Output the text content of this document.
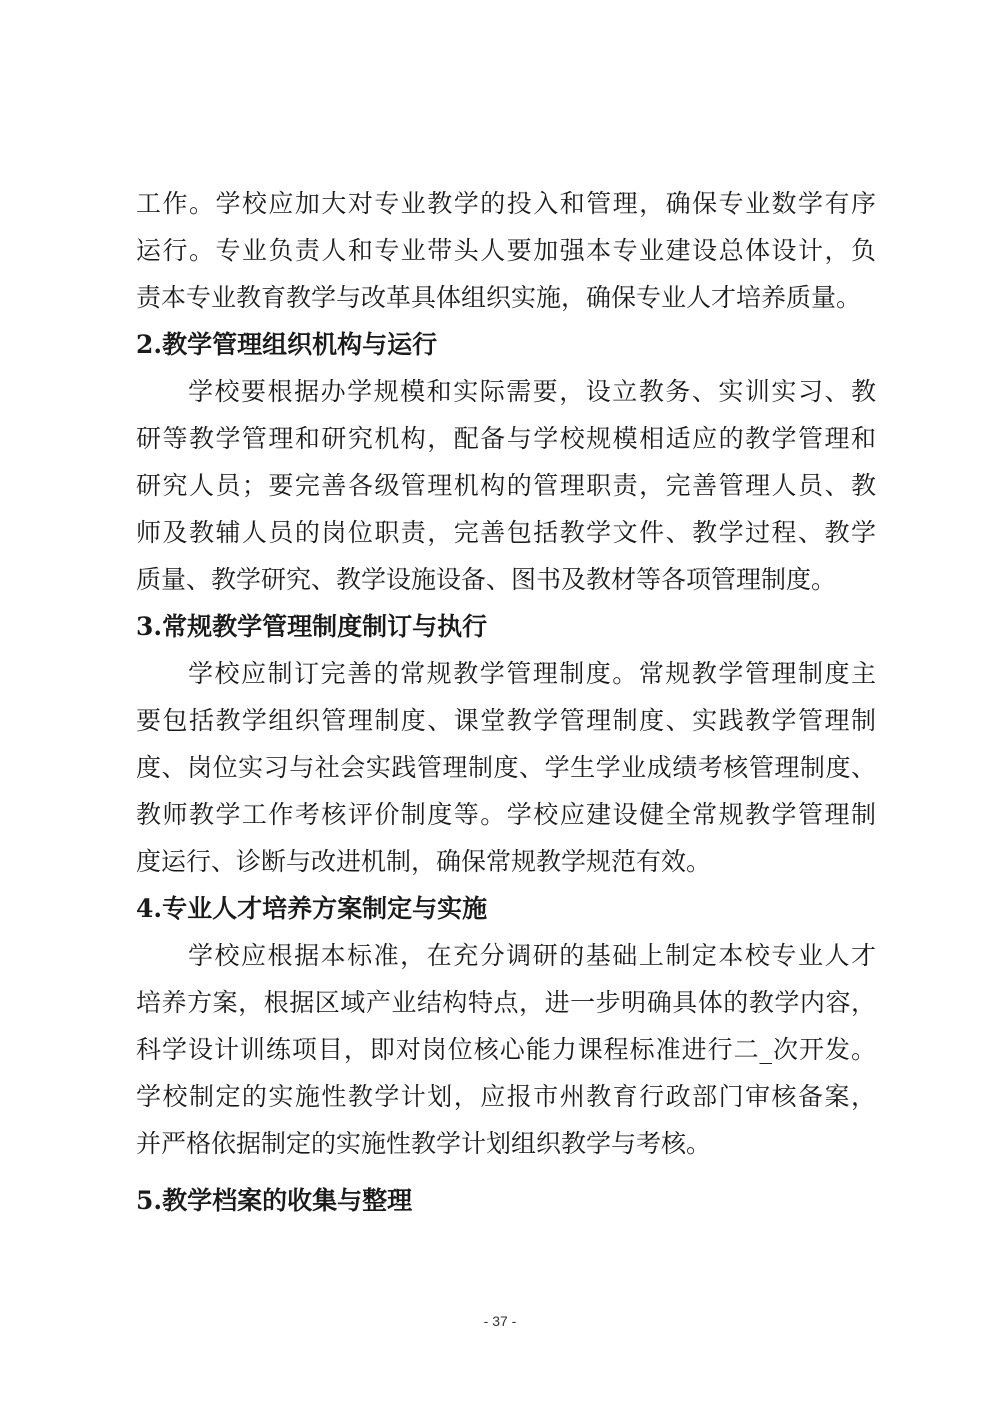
工作。学校应加大对专业教学的投入和管理，确保专业数学有序
运行。专业负责人和专业带头人要加强本专业建设总体设计，负
责本专业教育教学与改革具体组织实施，确保专业人才培养质量。
2.教学管理组织机构与运行
学校要根据办学规模和实际需要，设立教务、实训实习、教
研等教学管理和研究机构，配备与学校规模相适应的教学管理和
研究人员；要完善各级管理机构的管理职责，完善管理人员、教
师及教辅人员的岗位职责，完善包括教学文件、教学过程、教学
质量、教学研究、教学设施设备、图书及教材等各项管理制度。
3.常规教学管理制度制订与执行
学校应制订完善的常规教学管理制度。常规教学管理制度主
要包括教学组织管理制度、课堂教学管理制度、实践教学管理制
度、岗位实习与社会实践管理制度、学生学业成绩考核管理制度、
教师教学工作考核评价制度等。学校应建设健全常规教学管理制
度运行、诊断与改进机制，确保常规教学规范有效。
4.专业人才培养方案制定与实施
学校应根据本标准，在充分调研的基础上制定本校专业人才
培养方案，根据区域产业结构特点，进一步明确具体的教学内容，
科学设计训练项目，即对岗位核心能力课程标准进行二_次开发。
学校制定的实施性教学计划，应报市州教育行政部门审核备案，
并严格依据制定的实施性教学计划组织教学与考核。
5.教学档案的收集与整理
- 37 -
